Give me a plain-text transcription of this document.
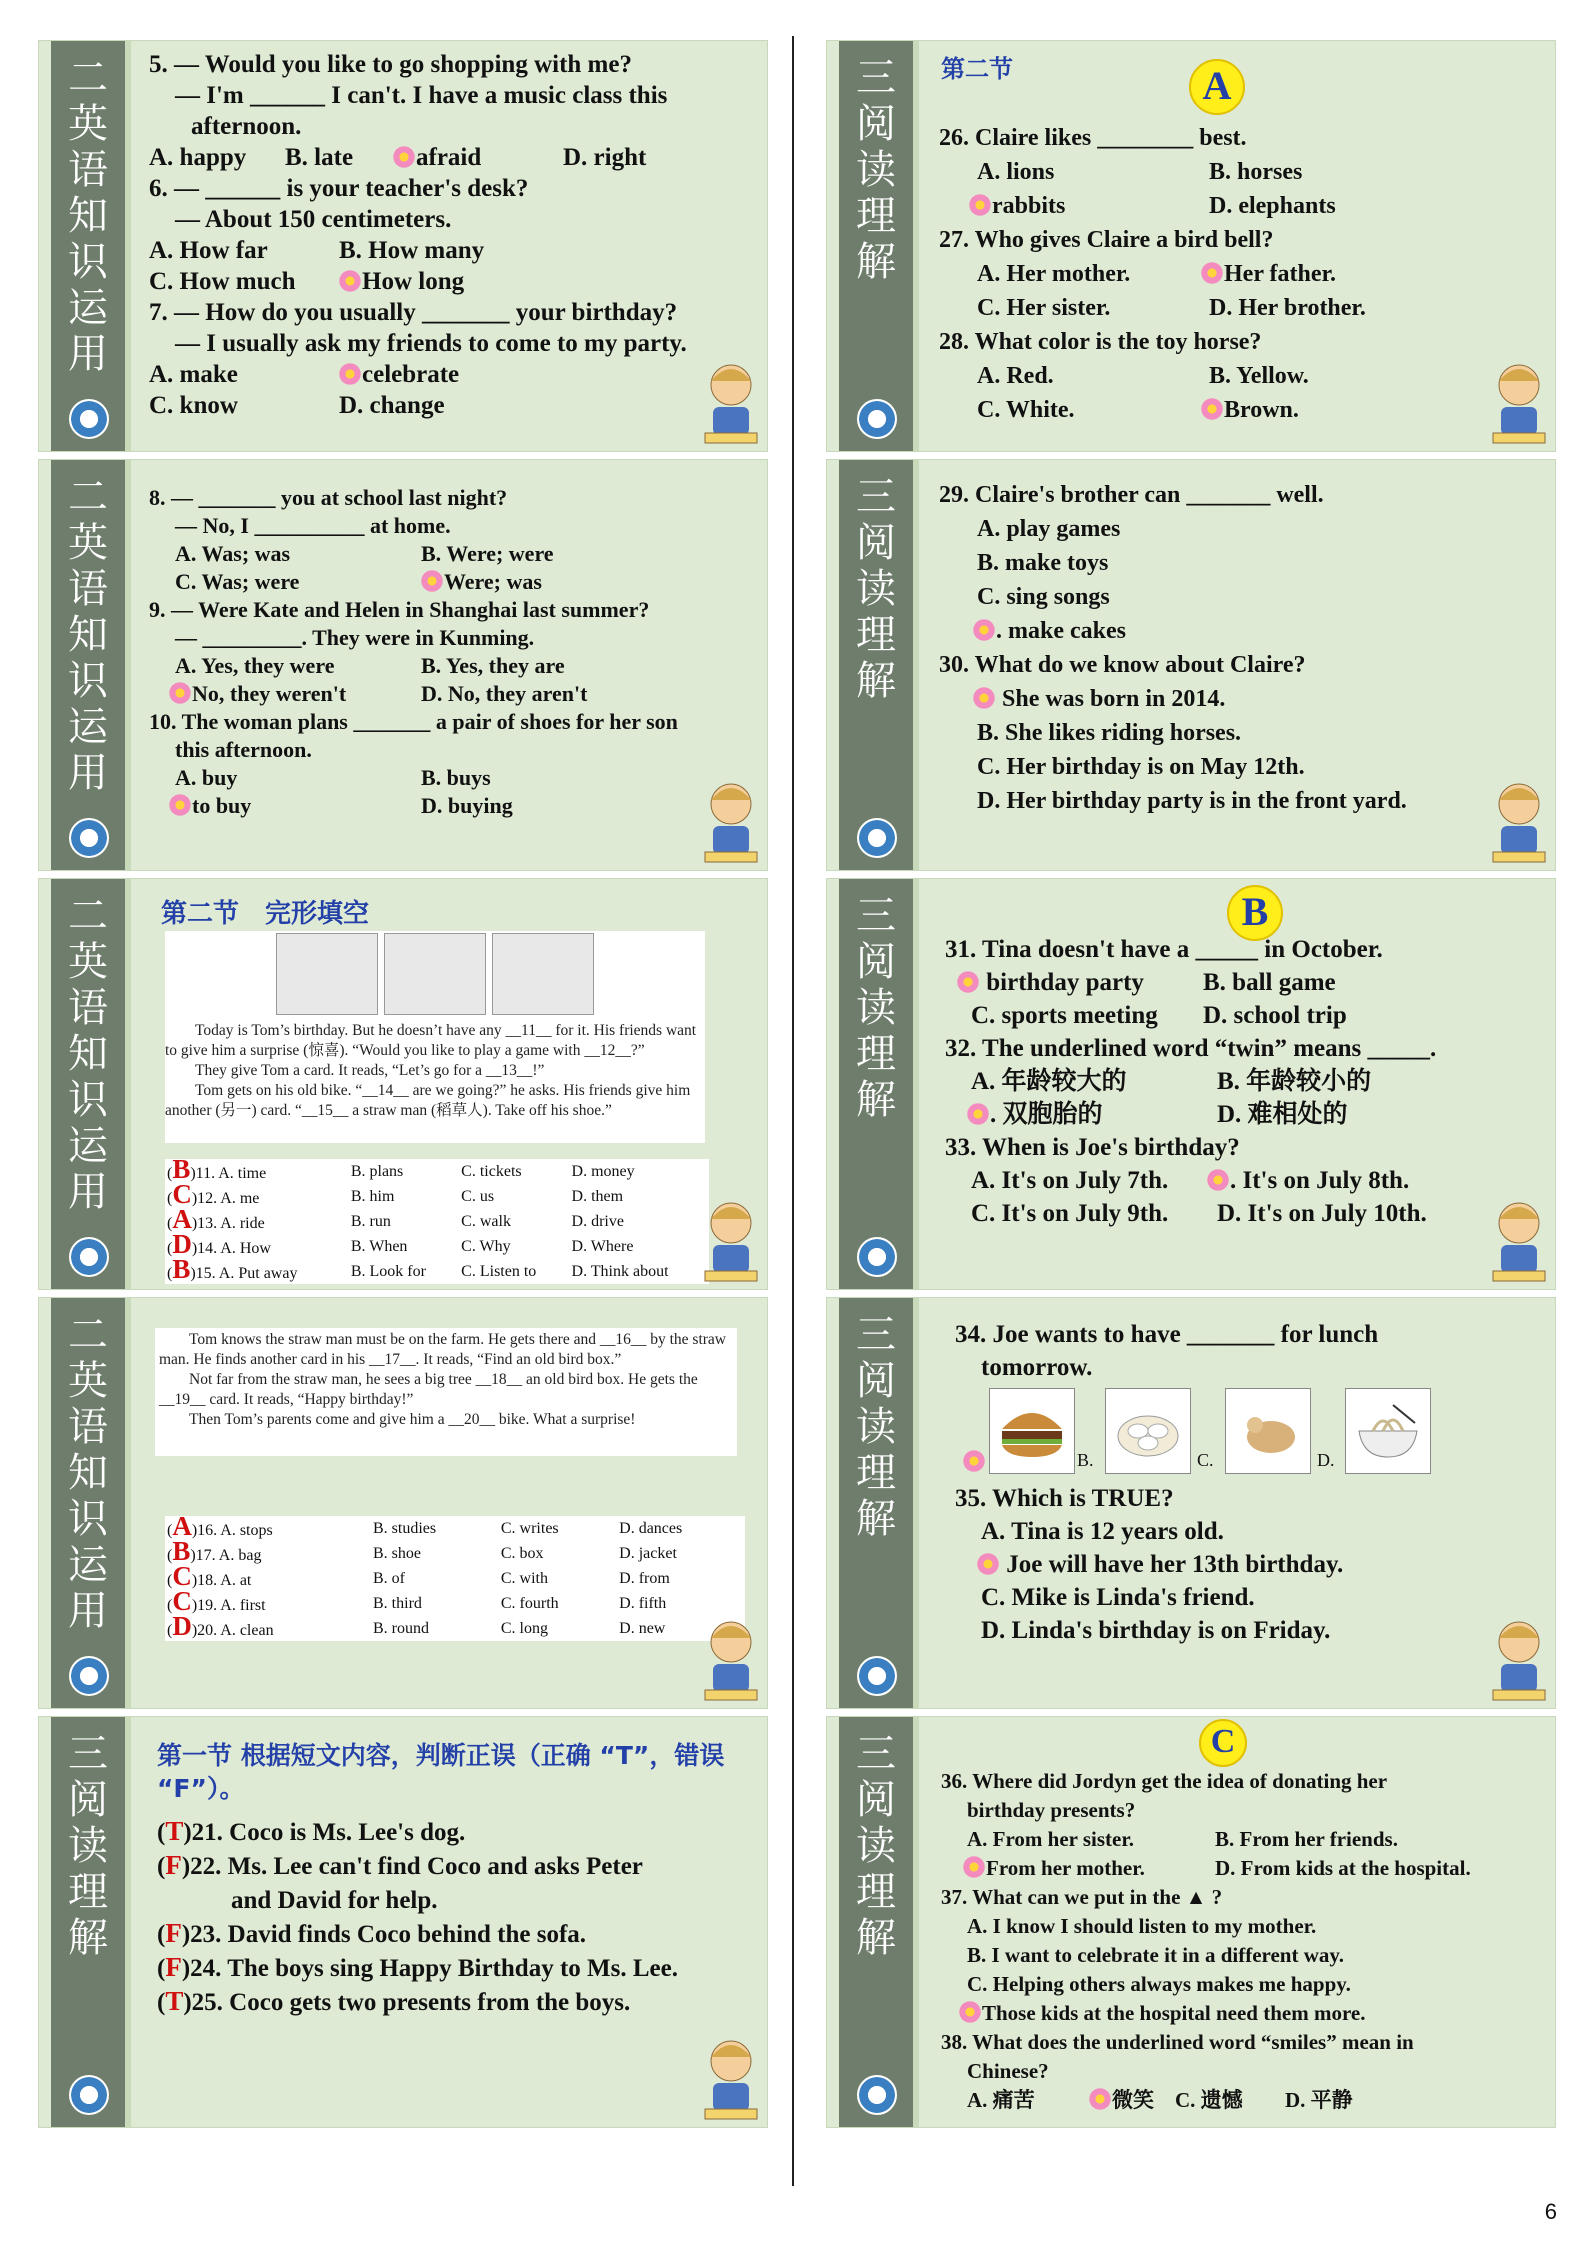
二英语知识运用
5. — Would you like to go shopping with me?
— I'm ______ I can't. I have a music class this
afternoon.
A. happy	B. late	afraid	D. right
6. — ______ is your teacher's desk?
— About 150 centimeters.
A. How far	B. How many
C. How much	How long
7. — How do you usually _______ your birthday?
— I usually ask my friends to come to my party.
A. make	celebrate
C. know	D. change
二英语知识运用
8. — _______ you at school last night?
— No, I __________ at home.
A. Was; was	B. Were; were
C. Was; were	Were; was
9. — Were Kate and Helen in Shanghai last summer?
— _________. They were in Kunming.
A. Yes, they were	B. Yes, they are
No, they weren't	D. No, they aren't
10. The woman plans _______ a pair of shoes for her son
this afternoon.
A. buy	B. buys
to buy	D. buying
二英语知识运用
第二节　完形填空

Today is Tom’s birthday. But he doesn’t have any __11__ for it. His friends want to give him a surprise (惊喜). “Would you like to play a game with __12__?”

They give Tom a card. It reads, “Let’s go for a __13__!”

Tom gets on his old bike. “__14__ are we going?” he asks. His friends give him another (另一) card. “__15__ a straw man (稻草人). Take off his shoe.”

(B)11. A. time	B. plans	C. tickets	D. money
(C)12. A. me	B. him	C. us	D. them
(A)13. A. ride	B. run	C. walk	D. drive
(D)14. A. How	B. When	C. Why	D. Where
(B)15. A. Put away	B. Look for	C. Listen to	D. Think about
二英语知识运用

Tom knows the straw man must be on the farm. He gets there and __16__ by the straw man. He finds another card in his __17__. It reads, “Find an old bird box.”

Not far from the straw man, he sees a big tree __18__ an old bird box. He gets the __19__ card. It reads, “Happy birthday!”

Then Tom’s parents come and give him a __20__ bike. What a surprise!

(A)16. A. stops	B. studies	C. writes	D. dances
(B)17. A. bag	B. shoe	C. box	D. jacket
(C)18. A. at	B. of	C. with	D. from
(C)19. A. first	B. third	C. fourth	D. fifth
(D)20. A. clean	B. round	C. long	D. new
三阅读理解
第一节 根据短文内容，判断正误（正确 “T”，错误 “F”）。
(T)21. Coco is Ms. Lee's dog.
(F)22. Ms. Lee can't find Coco and asks Peter
and David for help.
(F)23. David finds Coco behind the sofa.
(F)24. The boys sing Happy Birthday to Ms. Lee.
(T)25. Coco gets two presents from the boys.
三阅读理解
第二节	A
26. Claire likes ________ best.
A. lions	B. horses
rabbits	D. elephants
27. Who gives Claire a bird bell?
A. Her mother.	Her father.
C. Her sister.	D. Her brother.
28. What color is the toy horse?
A. Red.	B. Yellow.
C. White.	Brown.
三阅读理解
29. Claire's brother can _______ well.
A. play games
B. make toys
C. sing songs
. make cakes
30. What do we know about Claire?
She was born in 2014.
B. She likes riding horses.
C. Her birthday is on May 12th.
D. Her birthday party is in the front yard.
三阅读理解
B
31. Tina doesn't have a _____ in October.
birthday party	B. ball game
C. sports meeting	D. school trip
32. The underlined word “twin” means _____.
A. 年龄较大的	B. 年龄较小的
. 双胞胎的	D. 难相处的
33. When is Joe's birthday?
A. It's on July 7th.	. It's on July 8th.
C. It's on July 9th.	D. It's on July 10th.
三阅读理解
34. Joe wants to have _______ for lunch
tomorrow.
B.	C.	D.
35. Which is TRUE?
A. Tina is 12 years old.
Joe will have her 13th birthday.
C. Mike is Linda's friend.
D. Linda's birthday is on Friday.
三阅读理解
C
36. Where did Jordyn get the idea of donating her
birthday presents?
A. From her sister.	B. From her friends.
From her mother.	D. From kids at the hospital.
37. What can we put in the ▲ ?
A. I know I should listen to my mother.
B. I want to celebrate it in a different way.
C. Helping others always makes me happy.
Those kids at the hospital need them more.
38. What does the underlined word “smiles” mean in
Chinese?
A. 痛苦	微笑	C. 遗憾	D. 平静
6
